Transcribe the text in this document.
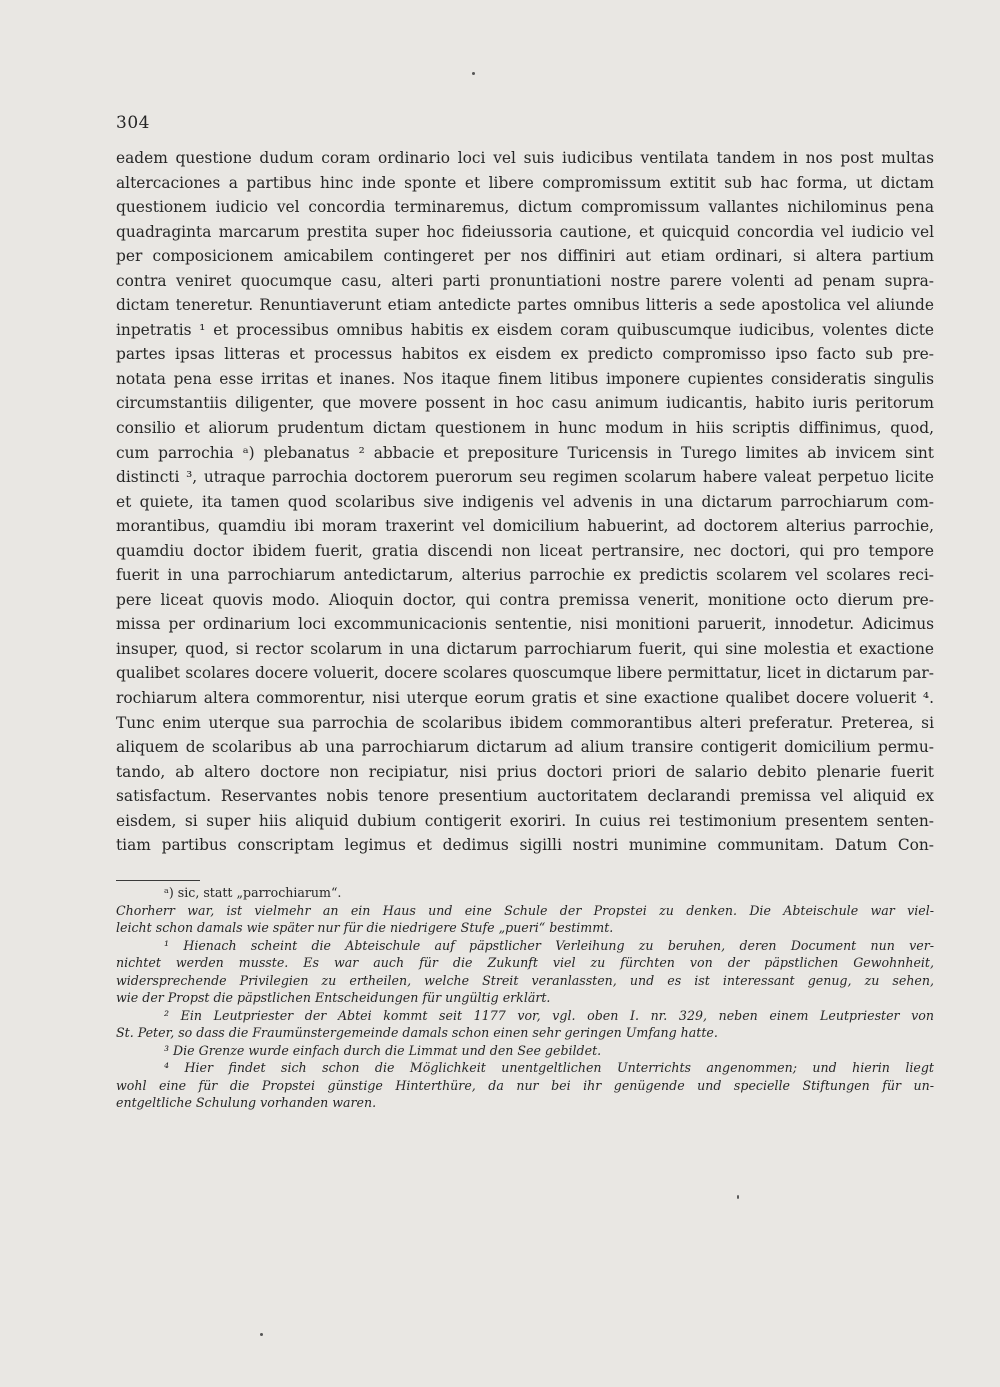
304
eadem questione dudum coram ordinario loci vel suis iudicibus ventilata tandem in nos post multas
altercaciones a partibus hinc inde sponte et libere compromissum extitit sub hac forma, ut dictam
questionem iudicio vel concordia terminaremus, dictum compromissum vallantes nichilominus pena
quadraginta marcarum prestita super hoc fideiussoria cautione, et quicquid concordia vel iudicio vel
per composicionem amicabilem contingeret per nos diffiniri aut etiam ordinari, si altera partium
contra veniret quocumque casu, alteri parti pronuntiationi nostre parere volenti ad penam supra-
dictam teneretur. Renuntiaverunt etiam antedicte partes omnibus litteris a sede apostolica vel aliunde
inpetratis ¹ et processibus omnibus habitis ex eisdem coram quibuscumque iudicibus, volentes dicte
partes ipsas litteras et processus habitos ex eisdem ex predicto compromisso ipso facto sub pre-
notata pena esse irritas et inanes. Nos itaque finem litibus imponere cupientes consideratis singulis
circumstantiis diligenter, que movere possent in hoc casu animum iudicantis, habito iuris peritorum
consilio et aliorum prudentum dictam questionem in hunc modum in hiis scriptis diffinimus, quod,
cum parrochia ᵃ) plebanatus ² abbacie et prepositure Turicensis in Turego limites ab invicem sint
distincti ³, utraque parrochia doctorem puerorum seu regimen scolarum habere valeat perpetuo licite
et quiete, ita tamen quod scolaribus sive indigenis vel advenis in una dictarum parrochiarum com-
morantibus, quamdiu ibi moram traxerint vel domicilium habuerint, ad doctorem alterius parrochie,
quamdiu doctor ibidem fuerit, gratia discendi non liceat pertransire, nec doctori, qui pro tempore
fuerit in una parrochiarum antedictarum, alterius parrochie ex predictis scolarem vel scolares reci-
pere liceat quovis modo. Alioquin doctor, qui contra premissa venerit, monitione octo dierum pre-
missa per ordinarium loci excommunicacionis sententie, nisi monitioni paruerit, innodetur. Adicimus
insuper, quod, si rector scolarum in una dictarum parrochiarum fuerit, qui sine molestia et exactione
qualibet scolares docere voluerit, docere scolares quoscumque libere permittatur, licet in dictarum par-
rochiarum altera commorentur, nisi uterque eorum gratis et sine exactione qualibet docere voluerit ⁴.
Tunc enim uterque sua parrochia de scolaribus ibidem commorantibus alteri preferatur. Preterea, si
aliquem de scolaribus ab una parrochiarum dictarum ad alium transire contigerit domicilium permu-
tando, ab altero doctore non recipiatur, nisi prius doctori priori de salario debito plenarie fuerit
satisfactum. Reservantes nobis tenore presentium auctoritatem declarandi premissa vel aliquid ex
eisdem, si super hiis aliquid dubium contigerit exoriri. In cuius rei testimonium presentem senten-
tiam partibus conscriptam legimus et dedimus sigilli nostri munimine communitam. Datum Con-
ᵃ) sic, statt „parrochiarum“.
Chorherr war, ist vielmehr an ein Haus und eine Schule der Propstei zu denken. Die Abteischule war viel-
leicht schon damals wie später nur für die niedrigere Stufe „pueri“ bestimmt.
¹ Hienach scheint die Abteischule auf päpstlicher Verleihung zu beruhen, deren Document nun ver-
nichtet werden musste. Es war auch für die Zukunft viel zu fürchten von der päpstlichen Gewohnheit,
widersprechende Privilegien zu ertheilen, welche Streit veranlassten, und es ist interessant genug, zu sehen,
wie der Propst die päpstlichen Entscheidungen für ungültig erklärt.
² Ein Leutpriester der Abtei kommt seit 1177 vor, vgl. oben I. nr. 329, neben einem Leutpriester von
St. Peter, so dass die Fraumünstergemeinde damals schon einen sehr geringen Umfang hatte.
³ Die Grenze wurde einfach durch die Limmat und den See gebildet.
⁴ Hier findet sich schon die Möglichkeit unentgeltlichen Unterrichts angenommen; und hierin liegt
wohl eine für die Propstei günstige Hinterthüre, da nur bei ihr genügende und specielle Stiftungen für un-
entgeltliche Schulung vorhanden waren.
